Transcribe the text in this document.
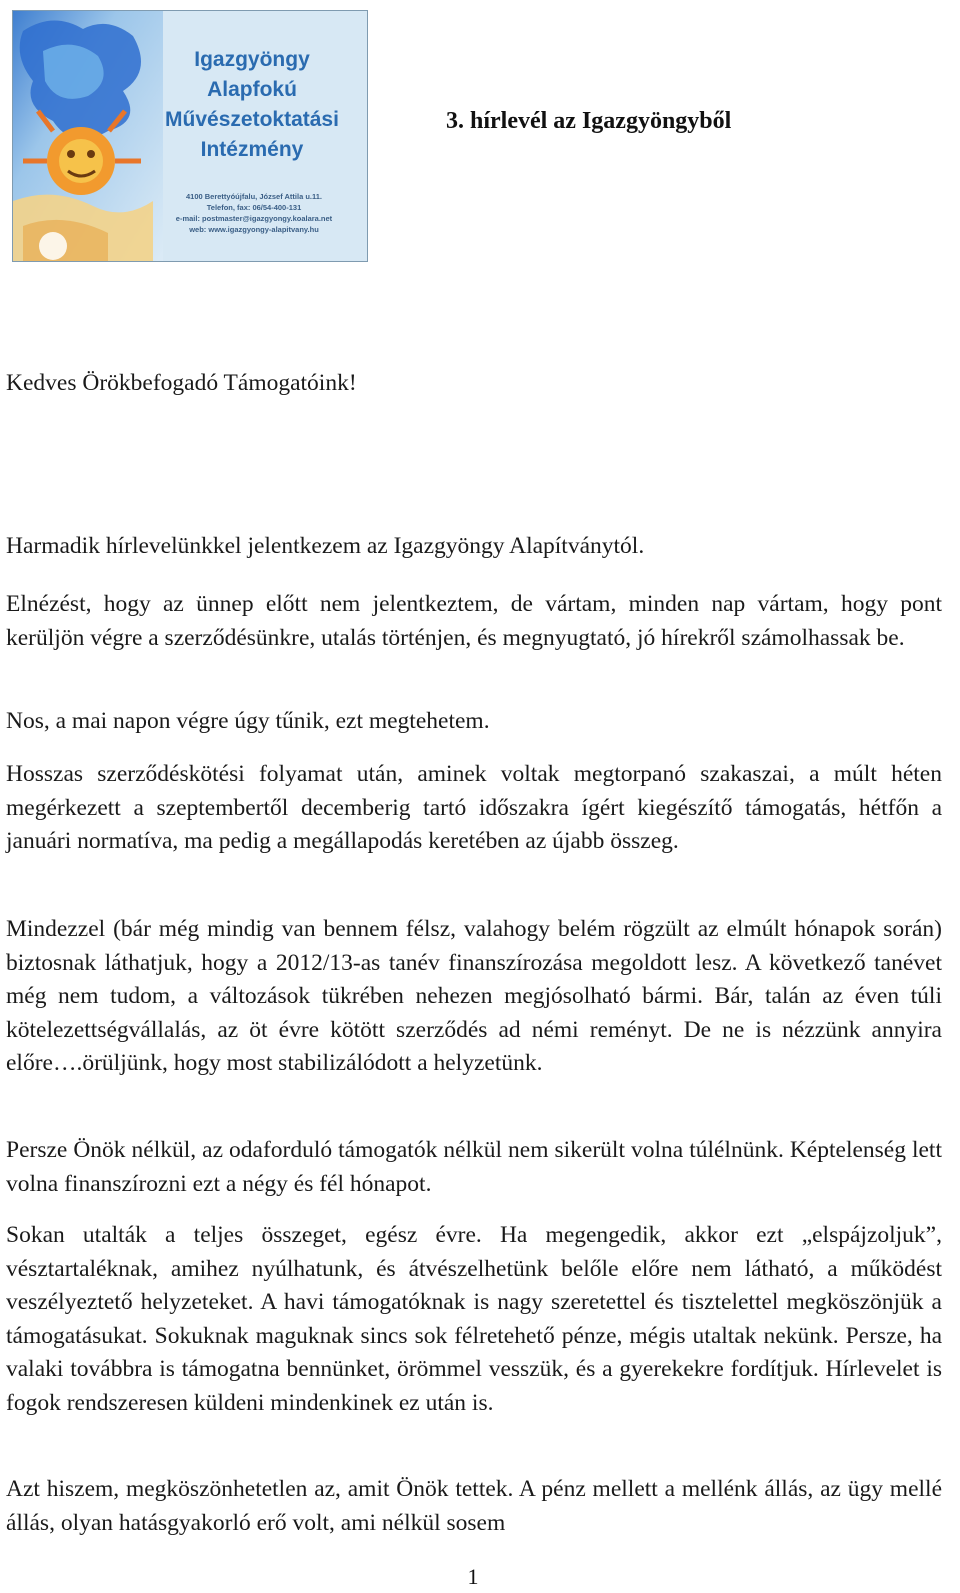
Igazgyöngy
Alapfokú
Művészetoktatási
Intézmény
4100 Berettyóújfalu, József Attila u.11.
Telefon, fax: 06/54-400-131
e-mail: postmaster@igazgyongy.koalara.net
web: www.igazgyongy-alapitvany.hu
3. hírlevél az Igazgyöngyből

Kedves Örökbefogadó Támogatóink!

Harmadik hírlevelünkkel jelentkezem az Igazgyöngy Alapítványtól.

Elnézést, hogy az ünnep előtt nem jelentkeztem, de vártam, minden nap vártam, hogy pont kerüljön végre a szerződésünkre, utalás történjen, és megnyugtató, jó hírekről számolhassak be.

Nos, a mai napon végre úgy tűnik, ezt megtehetem.

Hosszas szerződéskötési folyamat után, aminek voltak megtorpanó szakaszai, a múlt héten megérkezett a szeptembertől decemberig tartó időszakra ígért kiegészítő támogatás, hétfőn a januári normatíva, ma pedig a megállapodás keretében az újabb összeg.

Mindezzel (bár még mindig van bennem félsz, valahogy belém rögzült az elmúlt hónapok során) biztosnak láthatjuk, hogy a 2012/13-as tanév finanszírozása megoldott lesz. A következő tanévet még nem tudom, a változások tükrében nehezen megjósolható bármi. Bár, talán az éven túli kötelezettségvállalás, az öt évre kötött szerződés ad némi reményt. De ne is nézzünk annyira előre….örüljünk, hogy most stabilizálódott a helyzetünk.

Persze Önök nélkül, az odaforduló támogatók nélkül nem sikerült volna túlélnünk. Képtelenség lett volna finanszírozni ezt a négy és fél hónapot.

Sokan utalták a teljes összeget, egész évre. Ha megengedik, akkor ezt „elspájzoljuk”, vésztartaléknak, amihez nyúlhatunk, és átvészelhetünk belőle előre nem látható, a működést veszélyeztető helyzeteket. A havi támogatóknak is nagy szeretettel és tisztelettel megköszönjük a támogatásukat. Sokuknak maguknak sincs sok félretehető pénze, mégis utaltak nekünk. Persze, ha valaki továbbra is támogatna bennünket, örömmel vesszük, és a gyerekekre fordítjuk. Hírlevelet is fogok rendszeresen küldeni mindenkinek ez után is.

Azt hiszem, megköszönhetetlen az, amit Önök tettek. A pénz mellett a mellénk állás, az ügy mellé állás, olyan hatásgyakorló erő volt, ami nélkül sosem

1
